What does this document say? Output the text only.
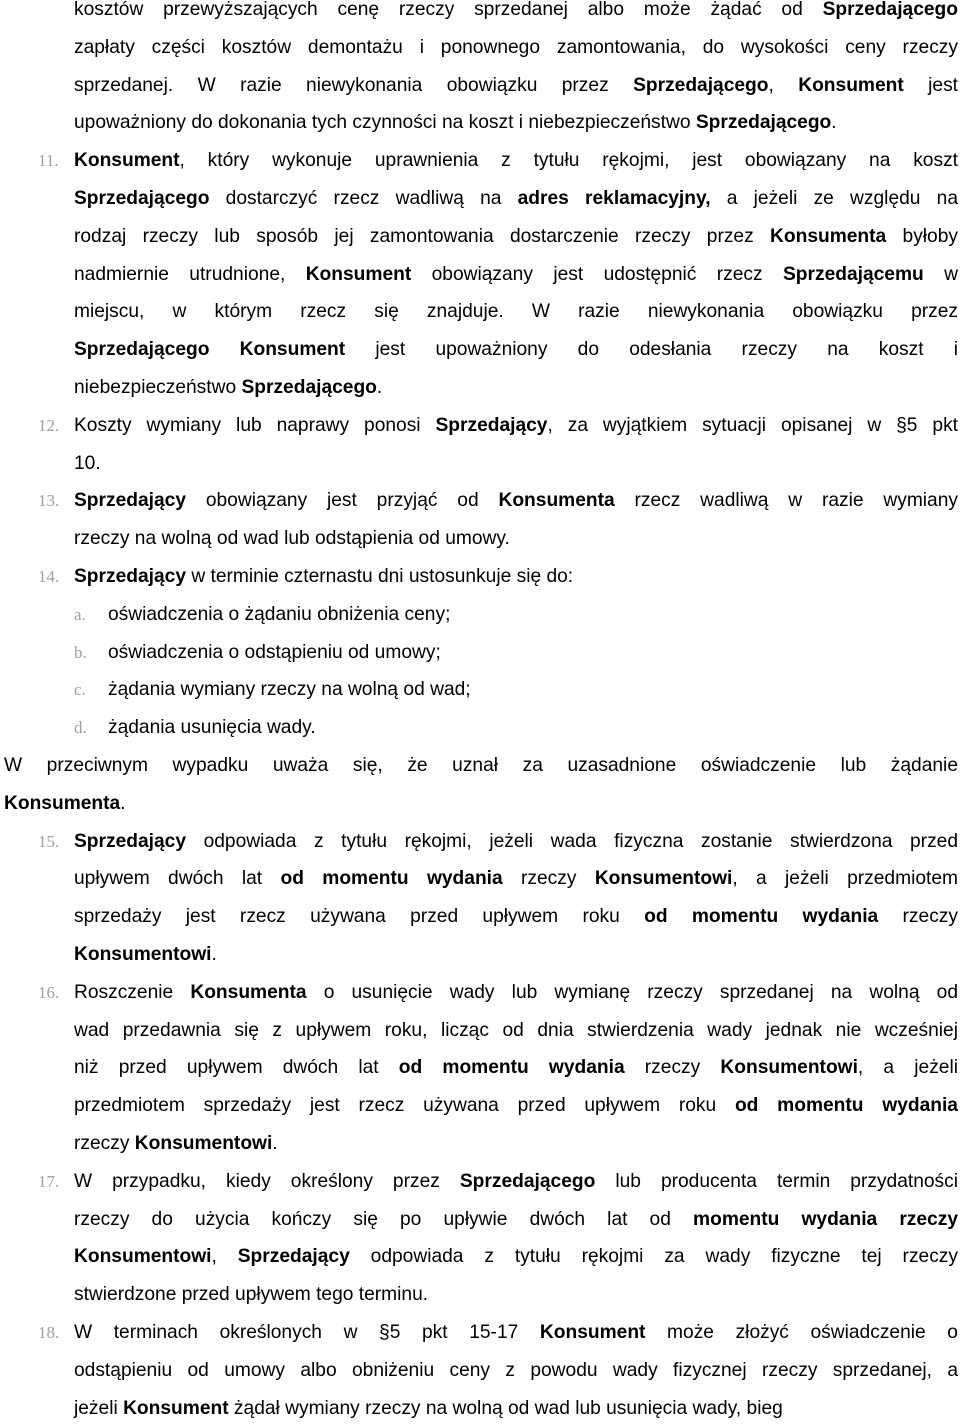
kosztów przewyższających cenę rzeczy sprzedanej albo może żądać od Sprzedającego
zapłaty części kosztów demontażu i ponownego zamontowania, do wysokości ceny rzeczy
sprzedanej. W razie niewykonania obowiązku przez Sprzedającego, Konsument jest
upoważniony do dokonania tych czynności na koszt i niebezpieczeństwo Sprzedającego.
11. Konsument, który wykonuje uprawnienia z tytułu rękojmi, jest obowiązany na koszt
Sprzedającego dostarczyć rzecz wadliwą na adres reklamacyjny, a jeżeli ze względu na
rodzaj rzeczy lub sposób jej zamontowania dostarczenie rzeczy przez Konsumenta byłoby
nadmiernie utrudnione, Konsument obowiązany jest udostępnić rzecz Sprzedającemu w
miejscu, w którym rzecz się znajduje. W razie niewykonania obowiązku przez
Sprzedającego Konsument jest upoważniony do odesłania rzeczy na koszt i
niebezpieczeństwo Sprzedającego.
12. Koszty wymiany lub naprawy ponosi Sprzedający, za wyjątkiem sytuacji opisanej w §5 pkt
10.
13. Sprzedający obowiązany jest przyjąć od Konsumenta rzecz wadliwą w razie wymiany
rzeczy na wolną od wad lub odstąpienia od umowy.
14. Sprzedający w terminie czternastu dni ustosunkuje się do:
a.	oświadczenia o żądaniu obniżenia ceny;
b.	oświadczenia o odstąpieniu od umowy;
c.	żądania wymiany rzeczy na wolną od wad;
d.	żądania usunięcia wady.
W przeciwnym wypadku uważa się, że uznał za uzasadnione oświadczenie lub żądanie
Konsumenta.
15. Sprzedający odpowiada z tytułu rękojmi, jeżeli wada fizyczna zostanie stwierdzona przed
upływem dwóch lat od momentu wydania rzeczy Konsumentowi, a jeżeli przedmiotem
sprzedaży jest rzecz używana przed upływem roku od momentu wydania rzeczy
Konsumentowi.
16. Roszczenie Konsumenta o usunięcie wady lub wymianę rzeczy sprzedanej na wolną od
wad przedawnia się z upływem roku, licząc od dnia stwierdzenia wady jednak nie wcześniej
niż przed upływem dwóch lat od momentu wydania rzeczy Konsumentowi, a jeżeli
przedmiotem sprzedaży jest rzecz używana przed upływem roku od momentu wydania
rzeczy Konsumentowi.
17. W przypadku, kiedy określony przez Sprzedającego lub producenta termin przydatności
rzeczy do użycia kończy się po upływie dwóch lat od momentu wydania rzeczy
Konsumentowi, Sprzedający odpowiada z tytułu rękojmi za wady fizyczne tej rzeczy
stwierdzone przed upływem tego terminu.
18. W terminach określonych w §5 pkt 15-17 Konsument może złożyć oświadczenie o
odstąpieniu od umowy albo obniżeniu ceny z powodu wady fizycznej rzeczy sprzedanej, a
jeżeli Konsument żądał wymiany rzeczy na wolną od wad lub usunięcia wady, bieg
